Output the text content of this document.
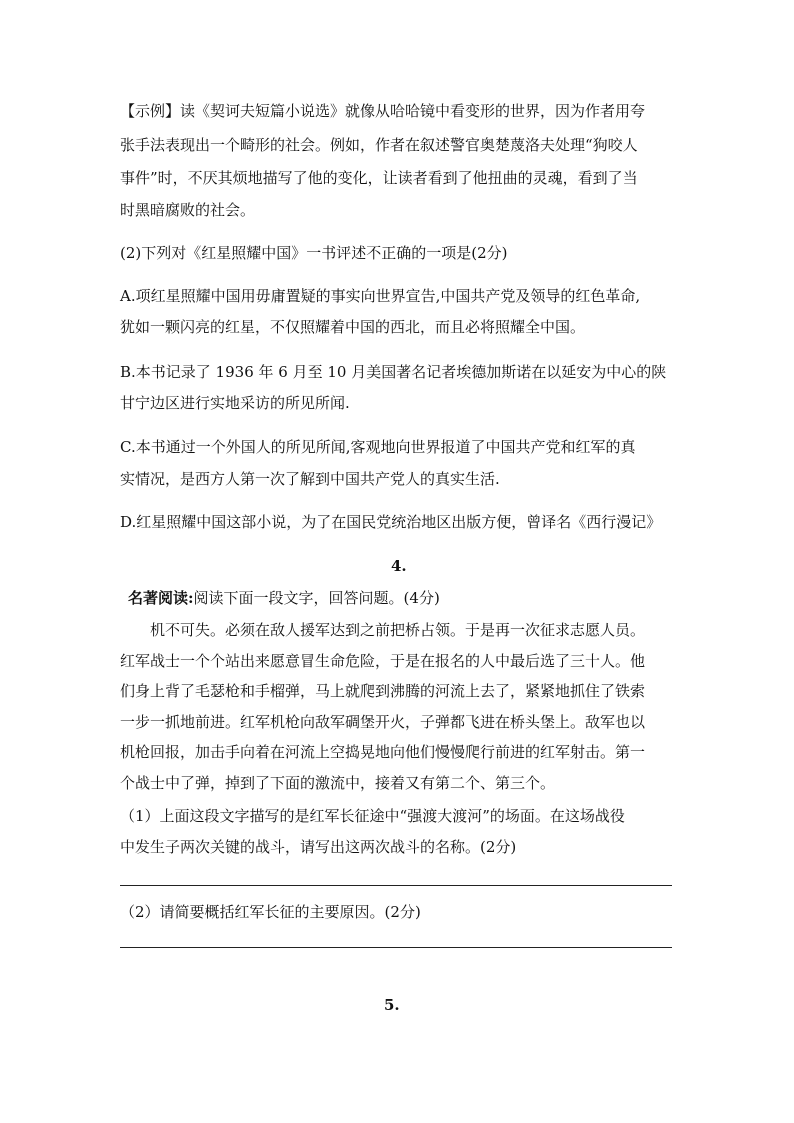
【示例】读《契诃夫短篇小说选》就像从哈哈镜中看变形的世界，因为作者用夸
张手法表现出一个畸形的社会。例如，作者在叙述警官奥楚蔑洛夫处理“狗咬人
事件”时，不厌其烦地描写了他的变化，让读者看到了他扭曲的灵魂，看到了当
时黑暗腐败的社会。
(2)下列对《红星照耀中国》一书评述不正确的一项是(2分)
A.项红星照耀中国用毋庸置疑的事实向世界宣告,中国共产党及领导的红色革命,
犹如一颗闪亮的红星，不仅照耀着中国的西北，而且必将照耀全中国。
B.本书记录了 1936 年 6 月至 10 月美国著名记者埃德加斯诺在以延安为中心的陕
甘宁边区进行实地采访的所见所闻.
C.本书通过一个外国人的所见所闻,客观地向世界报道了中国共产党和红军的真
实情况，是西方人第一次了解到中国共产党人的真实生活.
D.红星照耀中国这部小说，为了在国民党统治地区出版方便，曾译名《西行漫记》
4.
名著阅读:阅读下面一段文字，回答问题。(4分)
机不可失。必须在敌人援军达到之前把桥占领。于是再一次征求志愿人员。
红军战士一个个站出来愿意冒生命危险，于是在报名的人中最后选了三十人。他
们身上背了毛瑟枪和手榴弹，马上就爬到沸腾的河流上去了，紧紧地抓住了铁索
一步一抓地前进。红军机枪向敌军碉堡开火，子弹都飞进在桥头堡上。敌军也以
机枪回报，加击手向着在河流上空捣晃地向他们慢慢爬行前进的红军射击。第一
个战士中了弹，掉到了下面的激流中，接着又有第二个、第三个。
（1）上面这段文字描写的是红军长征途中“强渡大渡河”的场面。在这场战役
中发生子两次关键的战斗，请写出这两次战斗的名称。(2分)
（2）请简要概括红军长征的主要原因。(2分)
5.
